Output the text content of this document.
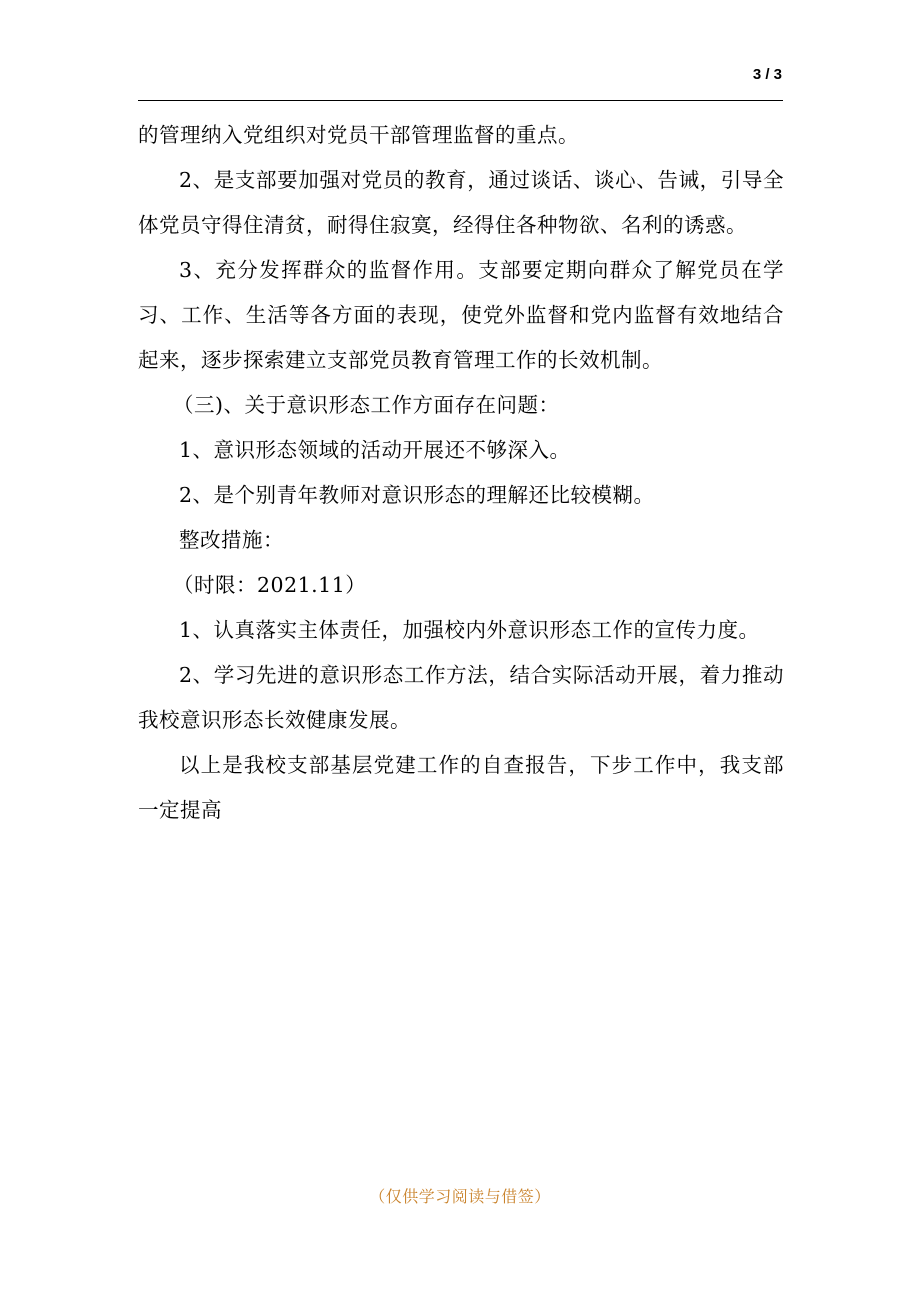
3 / 3

的管理纳入党组织对党员干部管理监督的重点。

2、是支部要加强对党员的教育，通过谈话、谈心、告诫，引导全体党员守得住清贫，耐得住寂寞，经得住各种物欲、名利的诱惑。

3、充分发挥群众的监督作用。支部要定期向群众了解党员在学习、工作、生活等各方面的表现，使党外监督和党内监督有效地结合起来，逐步探索建立支部党员教育管理工作的长效机制。

（三)、关于意识形态工作方面存在问题：

1、意识形态领域的活动开展还不够深入。

2、是个别青年教师对意识形态的理解还比较模糊。

整改措施：

（时限：2021.11）

1、认真落实主体责任，加强校内外意识形态工作的宣传力度。

2、学习先进的意识形态工作方法，结合实际活动开展，着力推动我校意识形态长效健康发展。

以上是我校支部基层党建工作的自查报告，下步工作中，我支部一定提高

（仅供学习阅读与借签）
